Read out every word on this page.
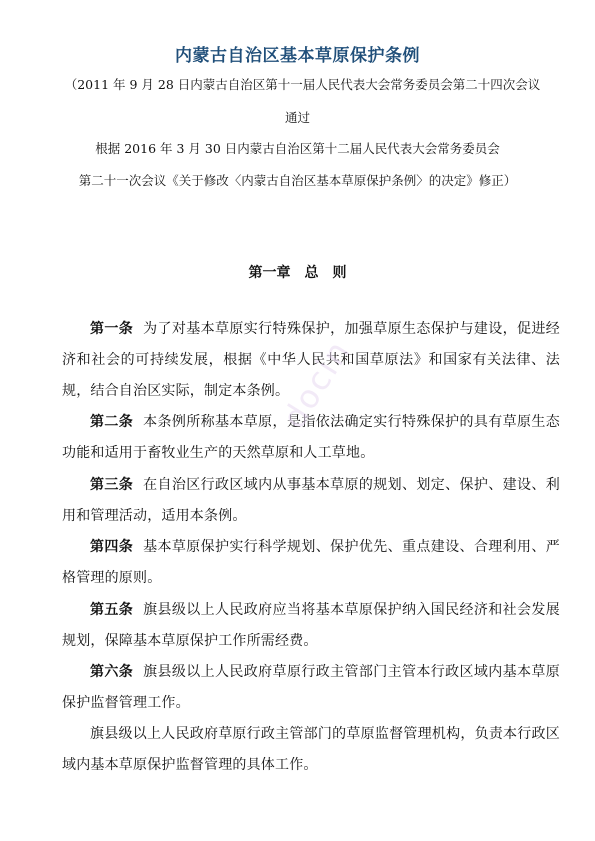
内蒙古自治区基本草原保护条例
（2011 年 9 月 28 日内蒙古自治区第十一届人民代表大会常务委员会第二十四次会议
通过
根据 2016 年 3 月 30 日内蒙古自治区第十二届人民代表大会常务委员会
第二十一次会议《关于修改〈内蒙古自治区基本草原保护条例〉的决定》修正）
第一章　总　则
第一条 为了对基本草原实行特殊保护，加强草原生态保护与建设，促进经济和社会的可持续发展，根据《中华人民共和国草原法》和国家有关法律、法规，结合自治区实际，制定本条例。
第二条 本条例所称基本草原，是指依法确定实行特殊保护的具有草原生态功能和适用于畜牧业生产的天然草原和人工草地。
第三条 在自治区行政区域内从事基本草原的规划、划定、保护、建设、利用和管理活动，适用本条例。
第四条 基本草原保护实行科学规划、保护优先、重点建设、合理利用、严格管理的原则。
第五条 旗县级以上人民政府应当将基本草原保护纳入国民经济和社会发展规划，保障基本草原保护工作所需经费。
第六条 旗县级以上人民政府草原行政主管部门主管本行政区域内基本草原保护监督管理工作。
旗县级以上人民政府草原行政主管部门的草原监督管理机构，负责本行政区域内基本草原保护监督管理的具体工作。
docin
